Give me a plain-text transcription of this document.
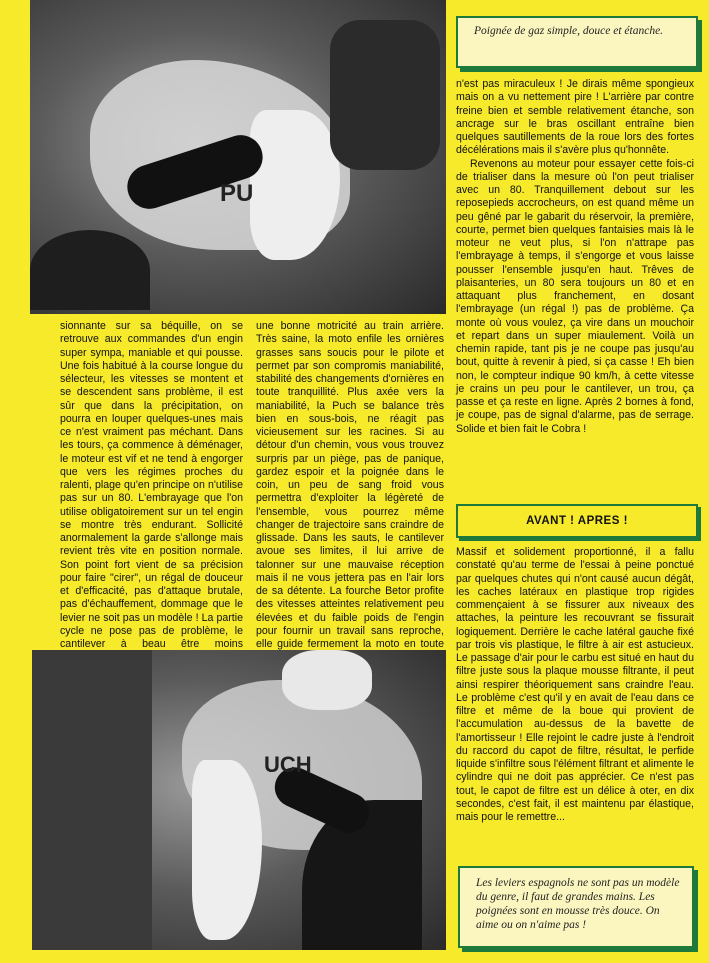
PU

Poignée de gaz simple, douce et étanche.

sionnante sur sa béquille, on se retrouve aux commandes d'un engin super sympa, maniable et qui pousse. Une fois habitué à la course longue du sélecteur, les vitesses se montent et se descendent sans problème, il est sûr que dans la précipitation, on pourra en louper quelques-unes mais ce n'est vraiment pas méchant. Dans les tours, ça commence à déménager, le moteur est vif et ne tend à engorger que vers les régimes proches du ralenti, plage qu'en principe on n'utilise pas sur un 80. L'embrayage que l'on utilise obligatoirement sur un tel engin se montre très endurant. Sollicité anormalement la garde s'allonge mais revient très vite en position normale. Son point fort vient de sa précision pour faire "cirer", un régal de douceur et d'efficacité, pas d'attaque brutale, pas d'échauffement, dommage que le levier ne soit pas un modèle ! La partie cycle ne pose pas de problème, le cantilever à beau être moins

une bonne motricité au train arrière. Très saine, la moto enfile les ornières grasses sans soucis pour le pilote et permet par son compromis maniabilité, stabilité des changements d'ornières en toute tranquillité. Plus axée vers la maniabilité, la Puch se balance très bien en sous-bois, ne réagit pas vicieusement sur les racines. Si au détour d'un chemin, vous vous trouvez surpris par un piège, pas de panique, gardez espoir et la poignée dans le coin, un peu de sang froid vous permettra d'exploiter la légèreté de l'ensemble, vous pourrez même changer de trajectoire sans craindre de glissade. Dans les sauts, le cantilever avoue ses limites, il lui arrive de talonner sur une mauvaise réception mais il ne vous jettera pas en l'air lors de sa détente. La fourche Betor profite des vitesses atteintes relativement peu élevées et du faible poids de l'engin pour fournir un travail sans reproche, elle guide fermement la moto en toute

n'est pas miraculeux ! Je dirais même spongieux mais on a vu nettement pire ! L'arrière par contre freine bien et semble relativement étanche, son ancrage sur le bras oscillant entraîne bien quelques sautillements de la roue lors des fortes décélérations mais il s'avère plus qu'honnête.

Revenons au moteur pour essayer cette fois-ci de trialiser dans la mesure où l'on peut trialiser avec un 80. Tranquillement debout sur les reposepieds accrocheurs, on est quand même un peu gêné par le gabarit du réservoir, la première, courte, permet bien quelques fantaisies mais là le moteur ne veut plus, si l'on n'attrape pas l'embrayage à temps, il s'engorge et vous laisse pousser l'ensemble jusqu'en haut. Trêves de plaisanteries, un 80 sera toujours un 80 et en attaquant plus franchement, en dosant l'embrayage (un régal !) pas de problème. Ça monte où vous voulez, ça vire dans un mouchoir et repart dans un super miaulement. Voilà un chemin rapide, tant pis je ne coupe pas jusqu'au bout, quitte à revenir à pied, si ça casse ! Eh bien non, le compteur indique 90 km/h, à cette vitesse je crains un peu pour le cantilever, un trou, ça passe et ça reste en ligne. Après 2 bornes à fond, je coupe, pas de signal d'alarme, pas de serrage. Solide et bien fait le Cobra !

AVANT ! APRES !

Massif et solidement proportionné, il a fallu constaté qu'au terme de l'essai à peine ponctué par quelques chutes qui n'ont causé aucun dégât, les caches latéraux en plastique trop rigides commençaient à se fissurer aux niveaux des attaches, la peinture les recouvrant se fissurait logiquement. Derrière le cache latéral gauche fixé par trois vis plastique, le filtre à air est astucieux. Le passage d'air pour le carbu est situé en haut du filtre juste sous la plaque mousse filtrante, il peut ainsi respirer théoriquement sans craindre l'eau. Le problème c'est qu'il y en avait de l'eau dans ce filtre et même de la boue qui provient de l'accumulation au-dessus de la bavette de l'amortisseur ! Elle rejoint le cadre juste à l'endroit du raccord du capot de filtre, résultat, le perfide liquide s'infiltre sous l'élément filtrant et alimente le cylindre qui ne doit pas apprécier. Ce n'est pas tout, le capot de filtre est un délice à oter, en dix secondes, c'est fait, il est maintenu par élastique, mais pour le remettre...

UCH

Les leviers espagnols ne sont pas un modèle du genre, il faut de grandes mains. Les poignées sont en mousse très douce. On aime ou on n'aime pas !
